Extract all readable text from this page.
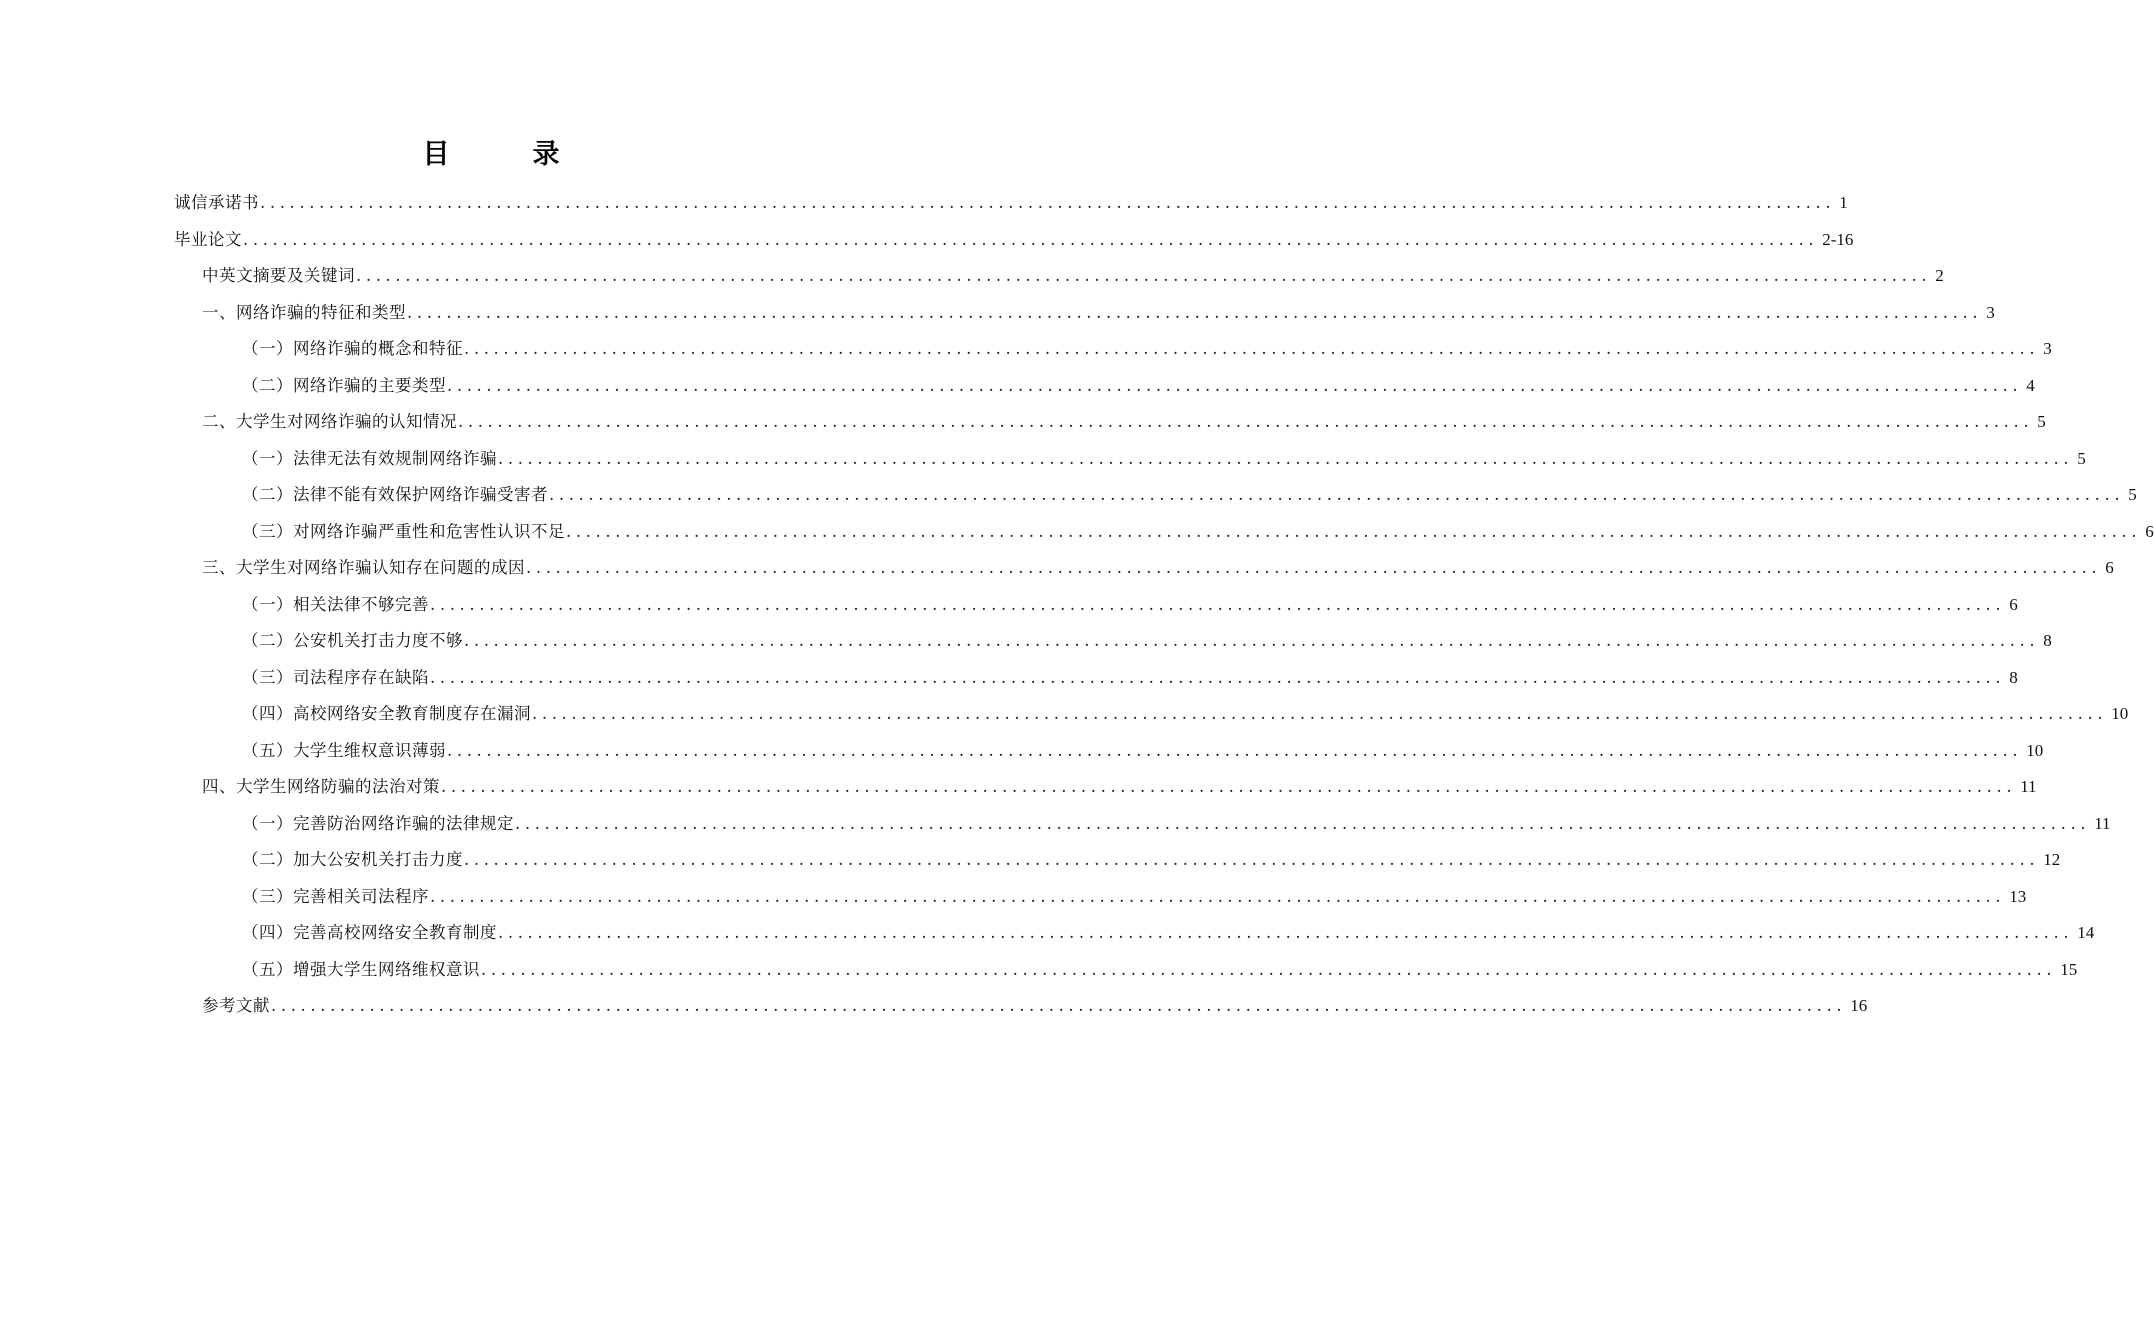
目　录
诚信承诺书 ................................................................................................................................................................ 1
毕业论文 ................................................................................................................................................................ 2-16
中英文摘要及关键词 ................................................................................................................................................................ 2
一、网络诈骗的特征和类型 ................................................................................................................................................................ 3
（一）网络诈骗的概念和特征 ................................................................................................................................................................ 3
（二）网络诈骗的主要类型 ................................................................................................................................................................ 4
二、大学生对网络诈骗的认知情况 ................................................................................................................................................................ 5
（一）法律无法有效规制网络诈骗 ................................................................................................................................................................ 5
（二）法律不能有效保护网络诈骗受害者 ................................................................................................................................................................ 5
（三）对网络诈骗严重性和危害性认识不足 ................................................................................................................................................................ 6
三、大学生对网络诈骗认知存在问题的成因 ................................................................................................................................................................ 6
（一）相关法律不够完善 ................................................................................................................................................................ 6
（二）公安机关打击力度不够 ................................................................................................................................................................ 8
（三）司法程序存在缺陷 ................................................................................................................................................................ 8
（四）高校网络安全教育制度存在漏洞 ................................................................................................................................................................ 10
（五）大学生维权意识薄弱 ................................................................................................................................................................ 10
四、大学生网络防骗的法治对策 ................................................................................................................................................................ 11
（一）完善防治网络诈骗的法律规定 ................................................................................................................................................................ 11
（二）加大公安机关打击力度 ................................................................................................................................................................ 12
（三）完善相关司法程序 ................................................................................................................................................................ 13
（四）完善高校网络安全教育制度 ................................................................................................................................................................ 14
（五）增强大学生网络维权意识 ................................................................................................................................................................ 15
参考文献 ................................................................................................................................................................ 16
